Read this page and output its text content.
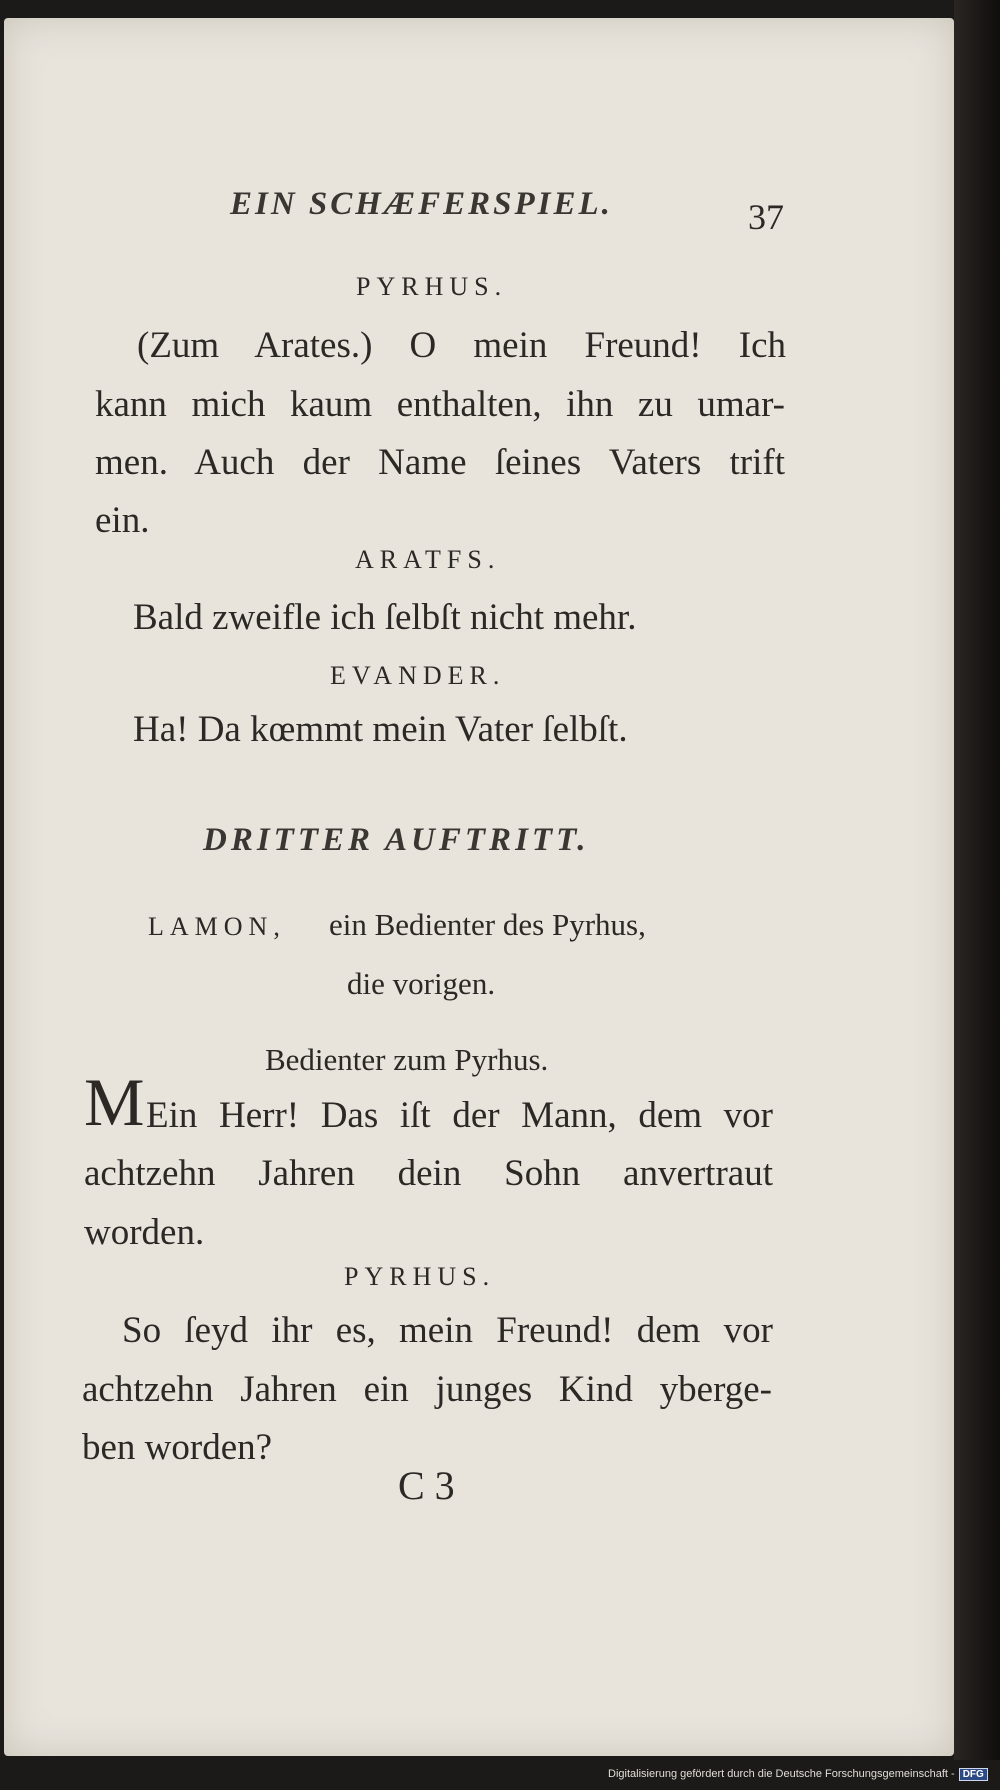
EIN SCHÆFERSPIEL.	37
PYRHUS.
(Zum Arates.) O mein Freund! Ich
kann mich kaum enthalten, ihn zu umar-
men. Auch der Name ſeines Vaters trift
ein.
ARATFS.
Bald zweifle ich ſelbſt nicht mehr.
EVANDER.
Ha! Da kœmmt mein Vater ſelbſt.
DRITTER AUFTRITT.
LAMON, ein Bedienter des Pyrhus,
die vorigen.
Bedienter zum Pyrhus.
M Ein Herr! Das iſt der Mann, dem vor
achtzehn Jahren dein Sohn anvertraut
worden.
PYRHUS.
So ſeyd ihr es, mein Freund! dem vor
achtzehn Jahren ein junges Kind yberge-
ben worden?
C 3
Digitalisierung gefördert durch die Deutsche Forschungsgemeinschaft - DFG
